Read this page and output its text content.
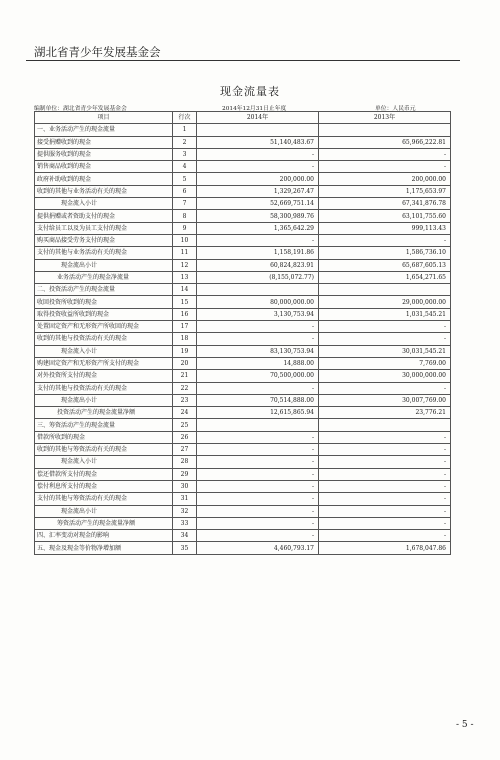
湖北省青少年发展基金会
现金流量表
编制单位：湖北省青少年发展基金会	2014年12月31日止年度	单位：人民币元
项目	行次	2014年	2013年
一、业务活动产生的现金流量	1		
接受捐赠收到的现金	2	51,140,483.67	65,966,222.81
提供服务收到的现金	3	-	-
销售商品收到的现金	4	-	-
政府补助收到的现金	5	200,000.00	200,000.00
收到的其他与业务活动有关的现金	6	1,329,267.47	1,175,653.97
现金流入小计	7	52,669,751.14	67,341,876.78
提供捐赠或者资助支付的现金	8	58,300,989.76	63,101,755.60
支付给员工以及为员工支付的现金	9	1,365,642.29	999,113.43
购买商品接受劳务支付的现金	10	-	-
支付的其他与业务活动有关的现金	11	1,158,191.86	1,586,736.10
现金流出小计	12	60,824,823.91	65,687,605.13
业务活动产生的现金净流量	13	(8,155,072.77)	1,654,271.65
二、投资活动产生的现金流量	14		
收回投资所收到的现金	15	80,000,000.00	29,000,000.00
取得投资收益所收到的现金	16	3,130,753.94	1,031,545.21
处置固定资产和无形资产所收回的现金	17	-	-
收到的其他与投资活动有关的现金	18	-	-
现金流入小计	19	83,130,753.94	30,031,545.21
购建固定资产和无形资产所支付的现金	20	14,888.00	7,769.00
对外投资所支付的现金	21	70,500,000.00	30,000,000.00
支付的其他与投资活动有关的现金	22	-	-
现金流出小计	23	70,514,888.00	30,007,769.00
投资活动产生的现金流量净额	24	12,615,865.94	23,776.21
三、筹资活动产生的现金流量	25		
借款所收到的现金	26	-	-
收到的其他与筹资活动有关的现金	27	-	-
现金流入小计	28	-	-
偿还借款所支付的现金	29	-	-
偿付利息所支付的现金	30	-	-
支付的其他与筹资活动有关的现金	31	-	-
现金流出小计	32	-	-
筹资活动产生的现金流量净额	33	-	-
四、汇率变动对现金的影响	34	-	-
五、现金及现金等价物净增加额	35	4,460,793.17	1,678,047.86
- 5 -
